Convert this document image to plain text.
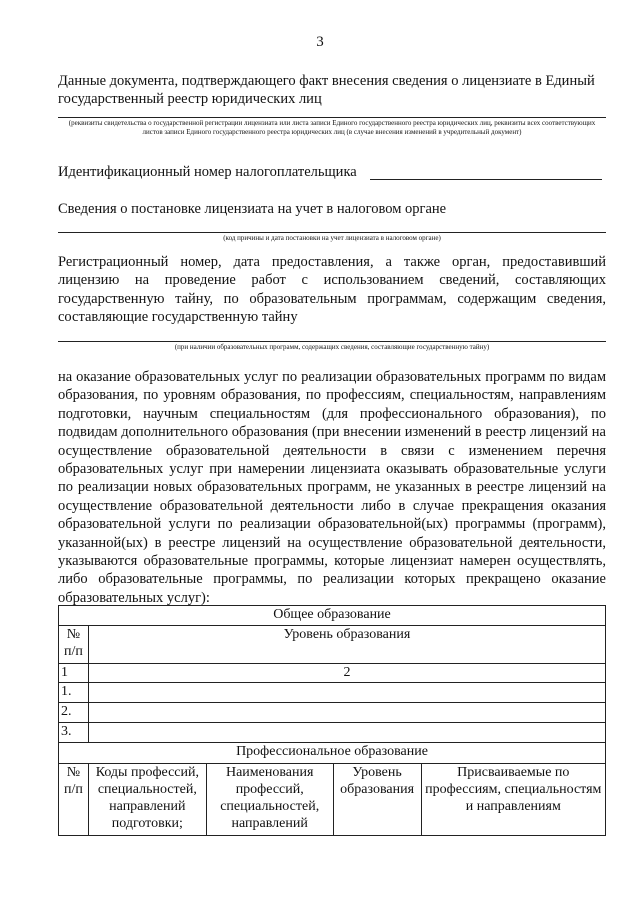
3
Данные документа, подтверждающего факт внесения сведения о лицензиате в Единый государственный реестр юридических лиц
(реквизиты свидетельства о государственной регистрации лицензиата или листа записи Единого государственного реестра юридических лиц, реквизиты всех соответствующих листов записи Единого государственного реестра юридических лиц (в случае внесения изменений в учредительный документ)
Идентификационный номер налогоплательщика
Сведения о постановке лицензиата на учет в налоговом органе
(код причины и дата постановки на учет лицензиата в налоговом органе)
Регистрационный номер, дата предоставления, а также орган, предоставивший лицензию на проведение работ с использованием сведений, составляющих государственную тайну, по образовательным программам, содержащим сведения, составляющие государственную тайну
(при наличии образовательных программ, содержащих сведения, составляющие государственную тайну)
на оказание образовательных услуг по реализации образовательных программ по видам образования, по уровням образования, по профессиям, специальностям, направлениям подготовки, научным специальностям (для профессионального образования), по подвидам дополнительного образования (при внесении изменений в реестр лицензий на осуществление образовательной деятельности в связи с изменением перечня образовательных услуг при намерении лицензиата оказывать образовательные услуги по реализации новых образовательных программ, не указанных в реестре лицензий на осуществление образовательной деятельности либо в случае прекращения оказания образовательной услуги по реализации образовательной(ых) программы (программ), указанной(ых) в реестре лицензий на осуществление образовательной деятельности, указываются образовательные программы, которые лицензиат намерен осуществлять, либо образовательные программы, по реализации которых прекращено оказание образовательных услуг):
Общее образование				
№ п/п	Уровень образования			
1	2			
1.				
2.				
3.				
Профессиональное образование				
№ п/п	Коды профессий, специальностей, направлений подготовки;	Наименования профессий, специальностей, направлений	Уровень образования	Присваиваемые по профессиям, специальностям и направлениям
